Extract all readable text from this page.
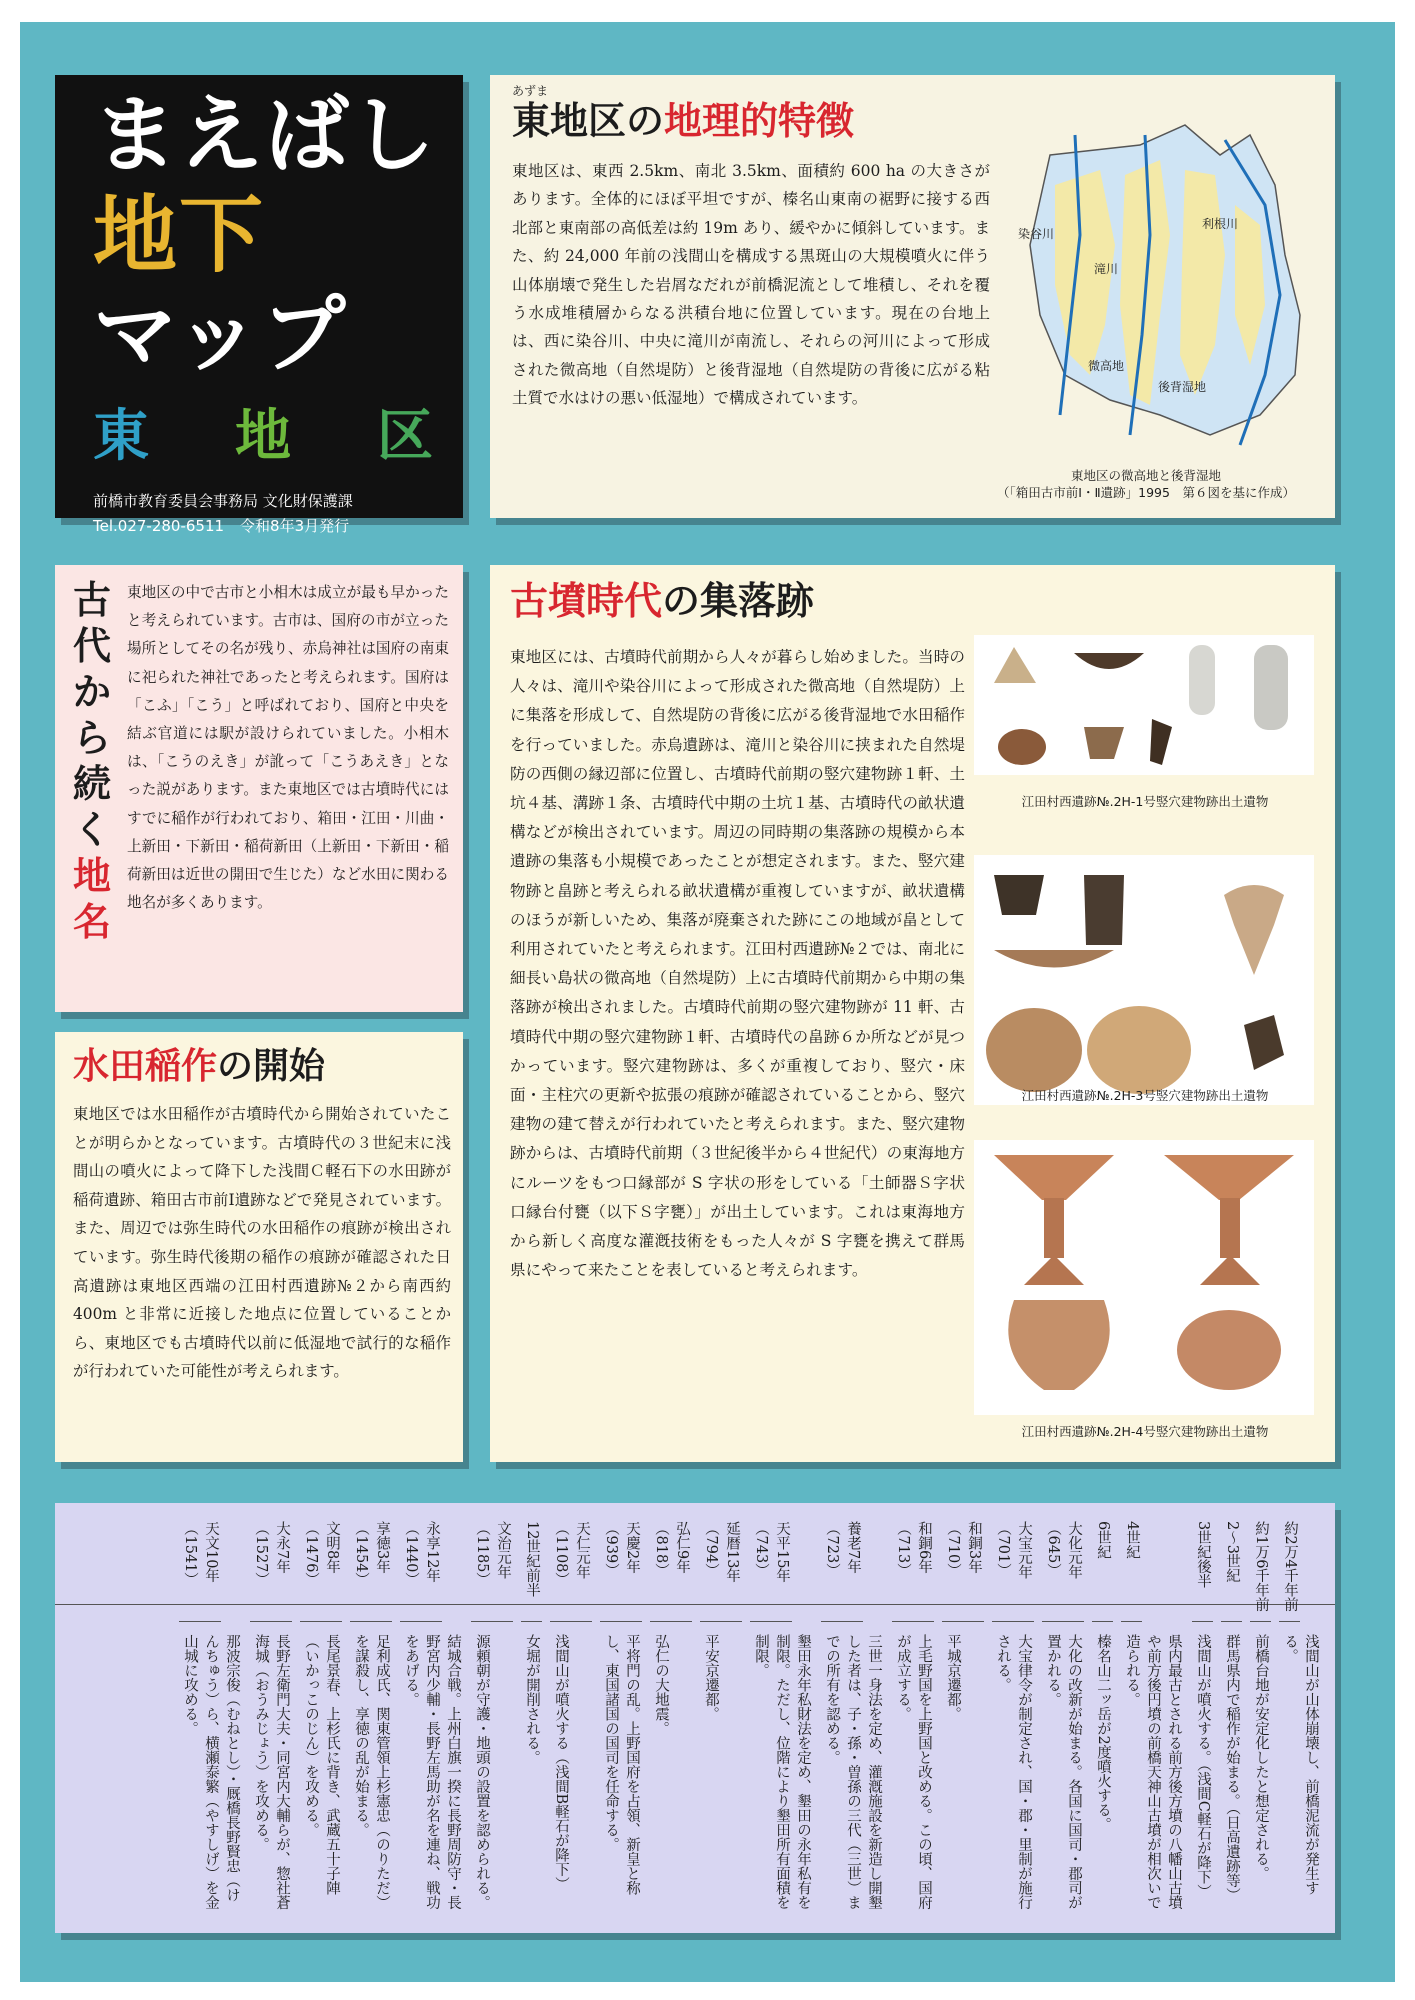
まえばし
地下
マップ
東 地 区
前橋市教育委員会事務局 文化財保護課
Tel.027-280-6511 令和8年3月発行
あずま
東地区の地理的特徴
東地区は、東西 2.5km、南北 3.5km、面積約 600 ha の大きさがあります。全体的にほぼ平坦ですが、榛名山東南の裾野に接する西北部と東南部の高低差は約 19m あり、緩やかに傾斜しています。また、約 24,000 年前の浅間山を構成する黒斑山の大規模噴火に伴う山体崩壊で発生した岩屑なだれが前橋泥流として堆積し、それを覆う水成堆積層からなる洪積台地に位置しています。現在の台地上は、西に染谷川、中央に滝川が南流し、それらの河川によって形成された微高地（自然堤防）と後背湿地（自然堤防の背後に広がる粘土質で水はけの悪い低湿地）で構成されています。
染谷川
滝川
利根川
微高地
後背湿地
東地区の微高地と後背湿地
（「箱田古市前Ⅰ・Ⅱ遺跡」1995　第６図を基に作成）
古代から続く
地名
東地区の中で古市と小相木は成立が最も早かったと考えられています。古市は、国府の市が立った場所としてその名が残り、赤烏神社は国府の南東に祀られた神社であったと考えられます。国府は「こふ」「こう」と呼ばれており、国府と中央を結ぶ官道には駅が設けられていました。小相木は、「こうのえき」が訛って「こうあえき」となった説があります。また東地区では古墳時代にはすでに稲作が行われており、箱田・江田・川曲・上新田・下新田・稲荷新田（上新田・下新田・稲荷新田は近世の開田で生じた）など水田に関わる地名が多くあります。
水田稲作の開始
東地区では水田稲作が古墳時代から開始されていたことが明らかとなっています。古墳時代の３世紀末に浅間山の噴火によって降下した浅間Ｃ軽石下の水田跡が稲荷遺跡、箱田古市前Ⅰ遺跡などで発見されています。また、周辺では弥生時代の水田稲作の痕跡が検出されています。弥生時代後期の稲作の痕跡が確認された日高遺跡は東地区西端の江田村西遺跡№２から南西約 400m と非常に近接した地点に位置していることから、東地区でも古墳時代以前に低湿地で試行的な稲作が行われていた可能性が考えられます。
古墳時代の集落跡
東地区には、古墳時代前期から人々が暮らし始めました。当時の人々は、滝川や染谷川によって形成された微高地（自然堤防）上に集落を形成して、自然堤防の背後に広がる後背湿地で水田稲作を行っていました。赤烏遺跡は、滝川と染谷川に挟まれた自然堤防の西側の縁辺部に位置し、古墳時代前期の竪穴建物跡１軒、土坑４基、溝跡１条、古墳時代中期の土坑１基、古墳時代の畝状遺構などが検出されています。周辺の同時期の集落跡の規模から本遺跡の集落も小規模であったことが想定されます。また、竪穴建物跡と畠跡と考えられる畝状遺構が重複していますが、畝状遺構のほうが新しいため、集落が廃棄された跡にこの地域が畠として利用されていたと考えられます。江田村西遺跡№２では、南北に細長い島状の微高地（自然堤防）上に古墳時代前期から中期の集落跡が検出されました。古墳時代前期の竪穴建物跡が 11 軒、古墳時代中期の竪穴建物跡１軒、古墳時代の畠跡６か所などが見つかっています。竪穴建物跡は、多くが重複しており、竪穴・床面・主柱穴の更新や拡張の痕跡が確認されていることから、竪穴建物の建て替えが行われていたと考えられます。また、竪穴建物跡からは、古墳時代前期（３世紀後半から４世紀代）の東海地方にルーツをもつ口縁部が S 字状の形をしている「土師器Ｓ字状口縁台付甕（以下Ｓ字甕）」が出土しています。これは東海地方から新しく高度な灌漑技術をもった人々が S 字甕を携えて群馬県にやって来たことを表していると考えられます。
江田村西遺跡№.2H-1号竪穴建物跡出土遺物
江田村西遺跡№.2H-3号竪穴建物跡出土遺物
江田村西遺跡№.2H-4号竪穴建物跡出土遺物
約2万4千年前
浅間山が山体崩壊し、前橋泥流が発生する。
約1万6千年前
前橋台地が安定化したと想定される。
2～3世紀
群馬県内で稲作が始まる。（日高遺跡等）
3世紀後半
浅間山が噴火する。（浅間C軽石が降下）
4世紀
県内最古とされる前方後方墳の八幡山古墳や前方後円墳の前橋天神山古墳が相次いで造られる。
6世紀
榛名山二ッ岳が2度噴火する。
大化元年（645）
大化の改新が始まる。各国に国司・郡司が置かれる。
大宝元年（701）
大宝律令が制定され、国・郡・里制が施行される。
和銅3年（710）
平城京遷都。
和銅6年（713）
上毛野国を上野国と改める。この頃、国府が成立する。
養老7年（723）
三世一身法を定め、灌漑施設を新造し開墾した者は、子・孫・曽孫の三代（三世）までの所有を認める。
天平15年（743）
墾田永年私財法を定め、墾田の永年私有を制限。ただし、位階により墾田所有面積を制限。
延暦13年（794）
平安京遷都。
弘仁9年（818）
弘仁の大地震。
天慶2年（939）
平将門の乱。上野国府を占領、新皇と称し、東国諸国の国司を任命する。
天仁元年（1108）
浅間山が噴火する（浅間B軽石が降下）
12世紀前半
女堀が開削される。
文治元年（1185）
源頼朝が守護・地頭の設置を認められる。
永享12年（1440）
結城合戦。上州白旗一揆に長野周防守・長野宮内少輔・長野左馬助が名を連ね、戦功をあげる。
享徳3年（1454）
足利成氏、関東管領上杉憲忠（のりただ）を謀殺し、享徳の乱が始まる。
文明8年（1476）
長尾景春、上杉氏に背き、武蔵五十子陣（いかっこのじん）を攻める。
大永7年（1527）
長野左衛門大夫・同宮内大輔らが、惣社蒼海城（おうみじょう）を攻める。
天文10年（1541）
那波宗俊（むねとし）・厩橋長野賢忠（けんちゅう）ら、横瀬泰繁（やすしげ）を金山城に攻める。
